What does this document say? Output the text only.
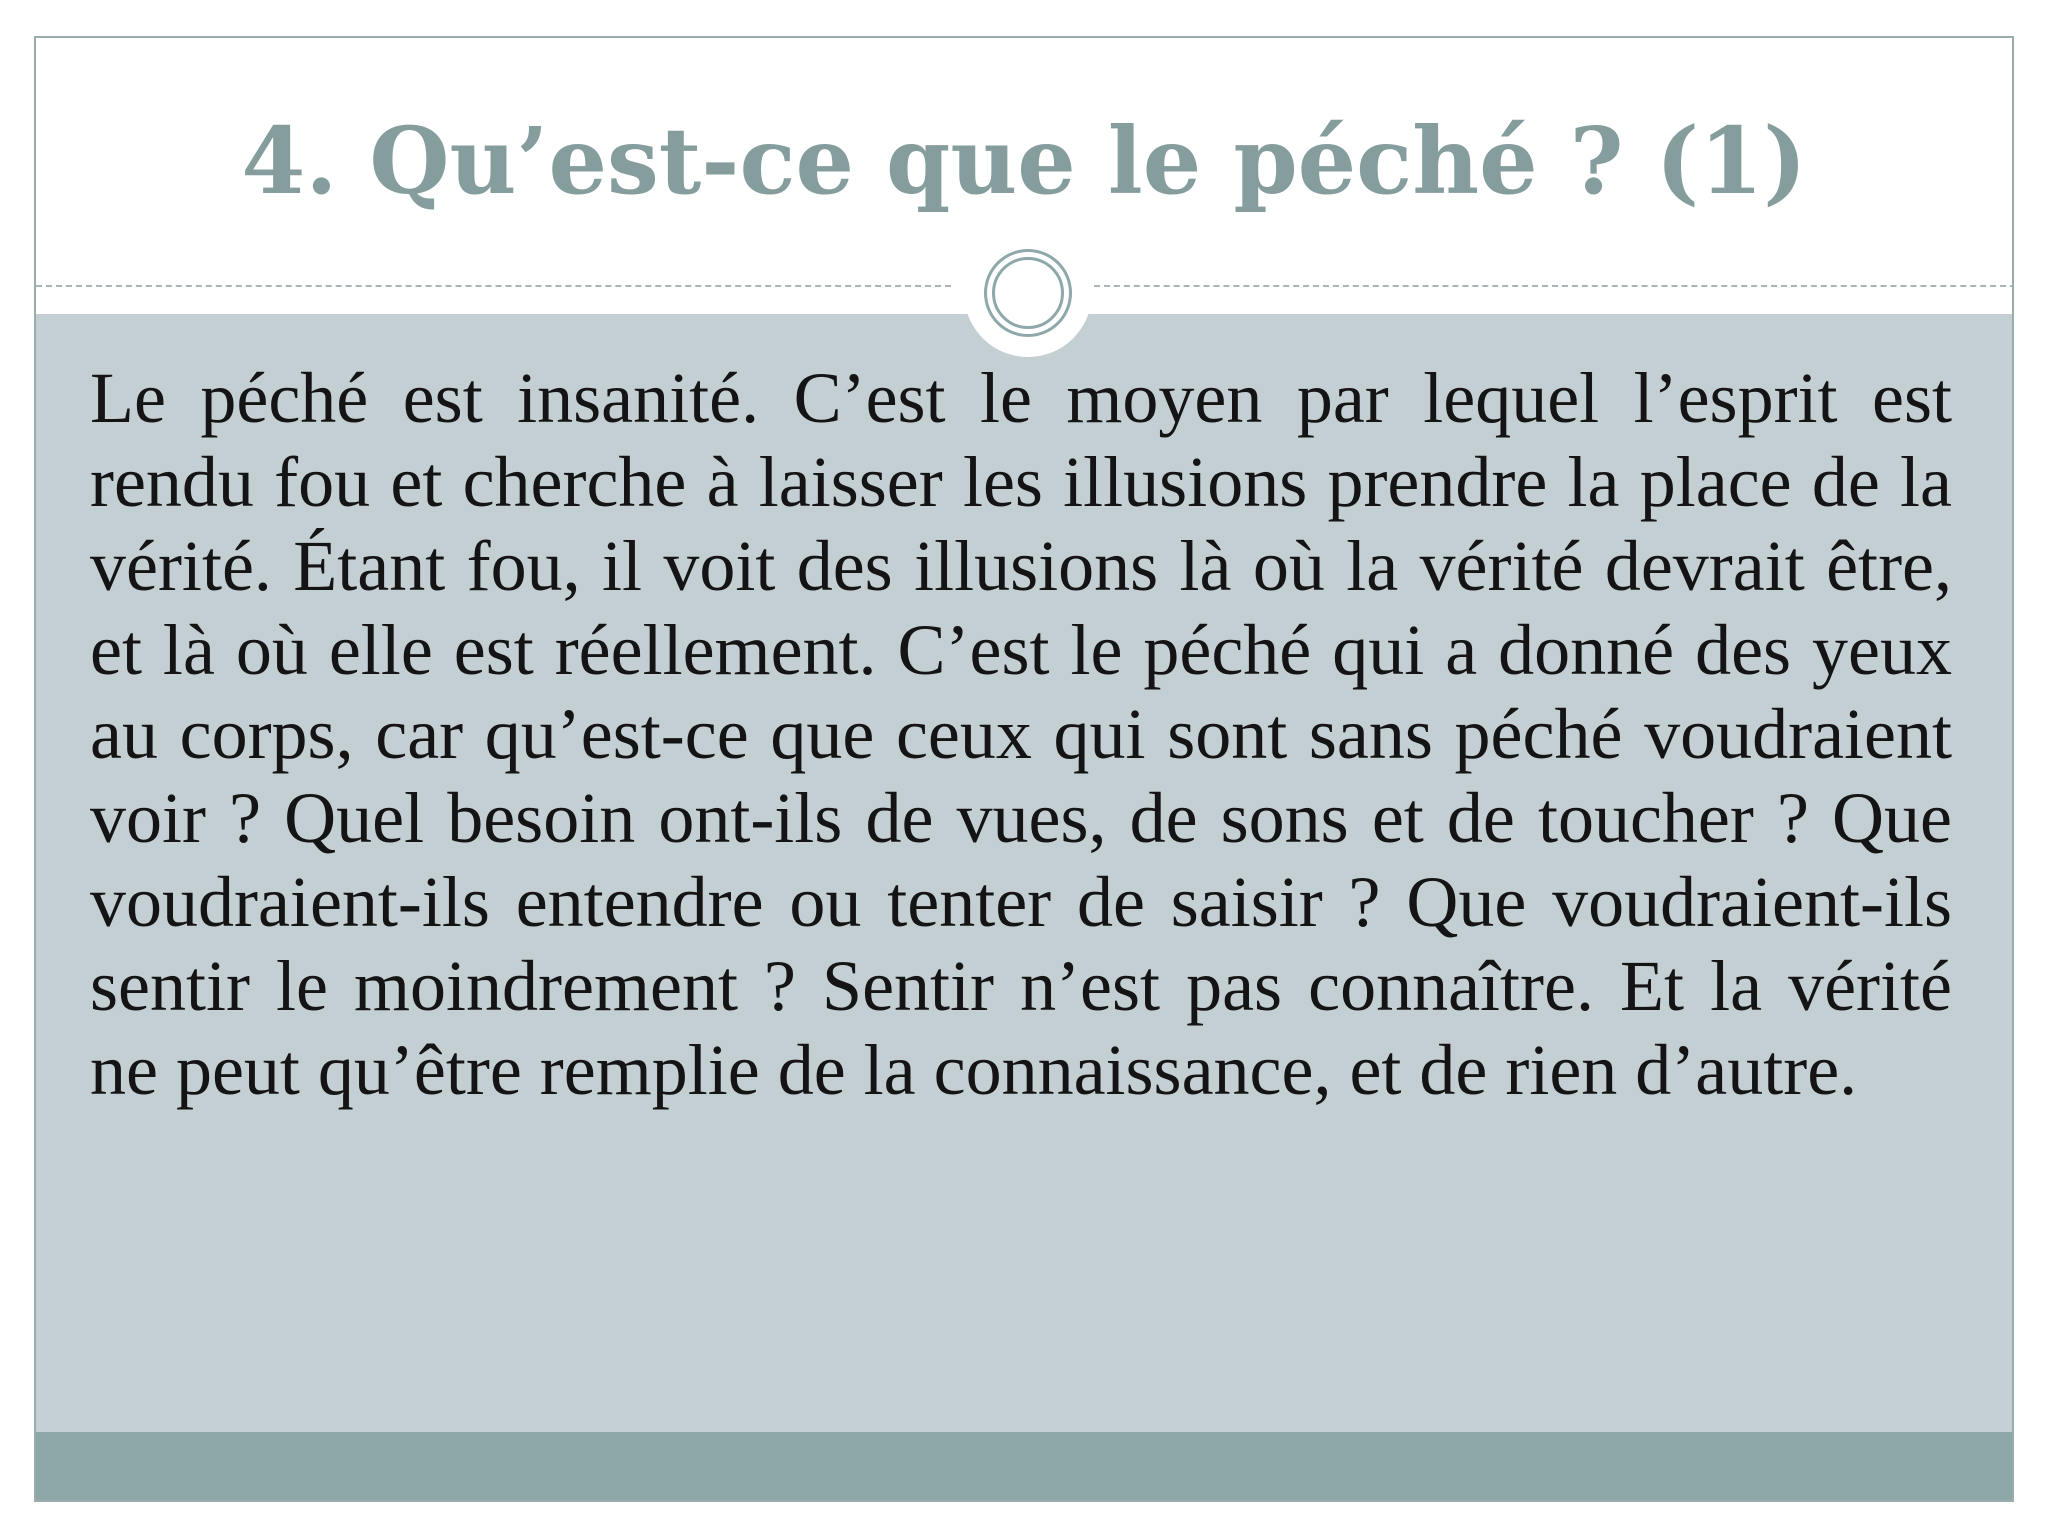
4. Qu’est-ce que le péché ? (1)

Le péché est insanité. C’est le moyen par lequel l’esprit est rendu fou et cherche à laisser les illusions prendre la place de la vérité. Étant fou, il voit des illusions là où la vérité devrait être, et là où elle est réellement. C’est le péché qui a donné des yeux au corps, car qu’est-ce que ceux qui sont sans péché voudraient voir ? Quel besoin ont-ils de vues, de sons et de toucher ? Que voudraient-ils entendre ou tenter de saisir ? Que voudraient-ils sentir le moindrement ? Sentir n’est pas connaître. Et la vérité ne peut qu’être remplie de la connaissance, et de rien d’autre.
